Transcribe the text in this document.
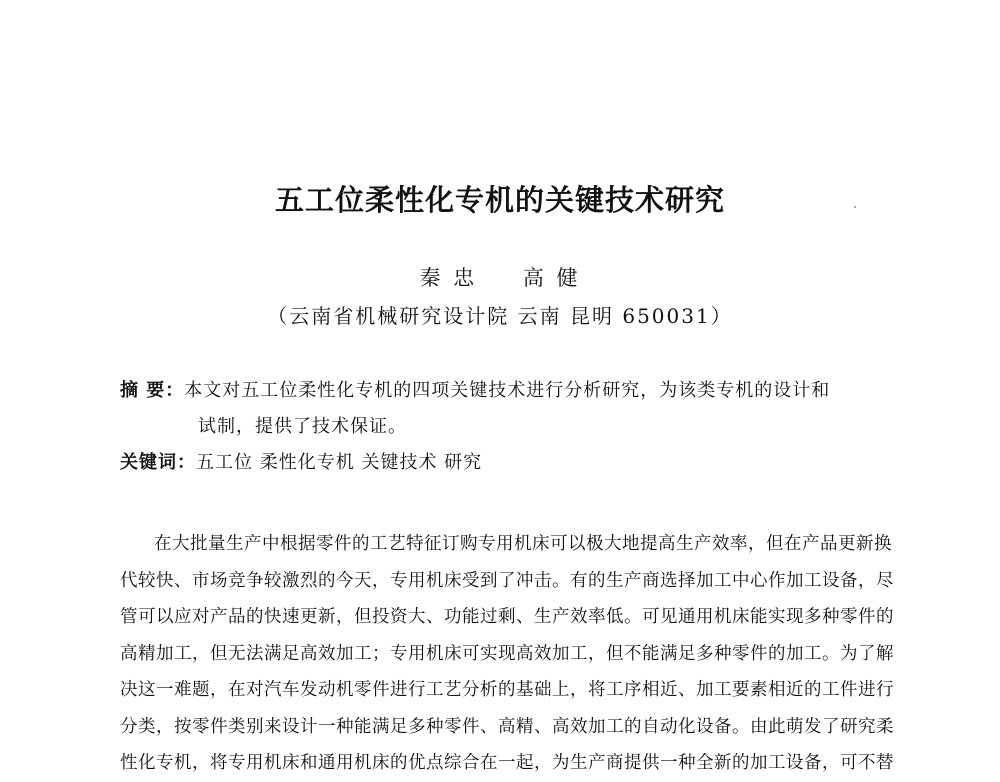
五工位柔性化专机的关键技术研究
秦 忠 高 健
（云南省机械研究设计院 云南 昆明 650031）
摘 要：本文对五工位柔性化专机的四项关键技术进行分析研究，为该类专机的设计和
试制，提供了技术保证。
关键词：五工位 柔性化专机 关键技术 研究
在大批量生产中根据零件的工艺特征订购专用机床可以极大地提高生产效率，但在产品更新换
代较快、市场竞争较激烈的今天，专用机床受到了冲击。有的生产商选择加工中心作加工设备，尽
管可以应对产品的快速更新，但投资大、功能过剩、生产效率低。可见通用机床能实现多种零件的
高精加工，但无法满足高效加工；专用机床可实现高效加工，但不能满足多种零件的加工。为了解
决这一难题，在对汽车发动机零件进行工艺分析的基础上，将工序相近、加工要素相近的工件进行
分类，按零件类别来设计一种能满足多种零件、高精、高效加工的自动化设备。由此萌发了研究柔
性化专机，将专用机床和通用机床的优点综合在一起，为生产商提供一种全新的加工设备，可不替
